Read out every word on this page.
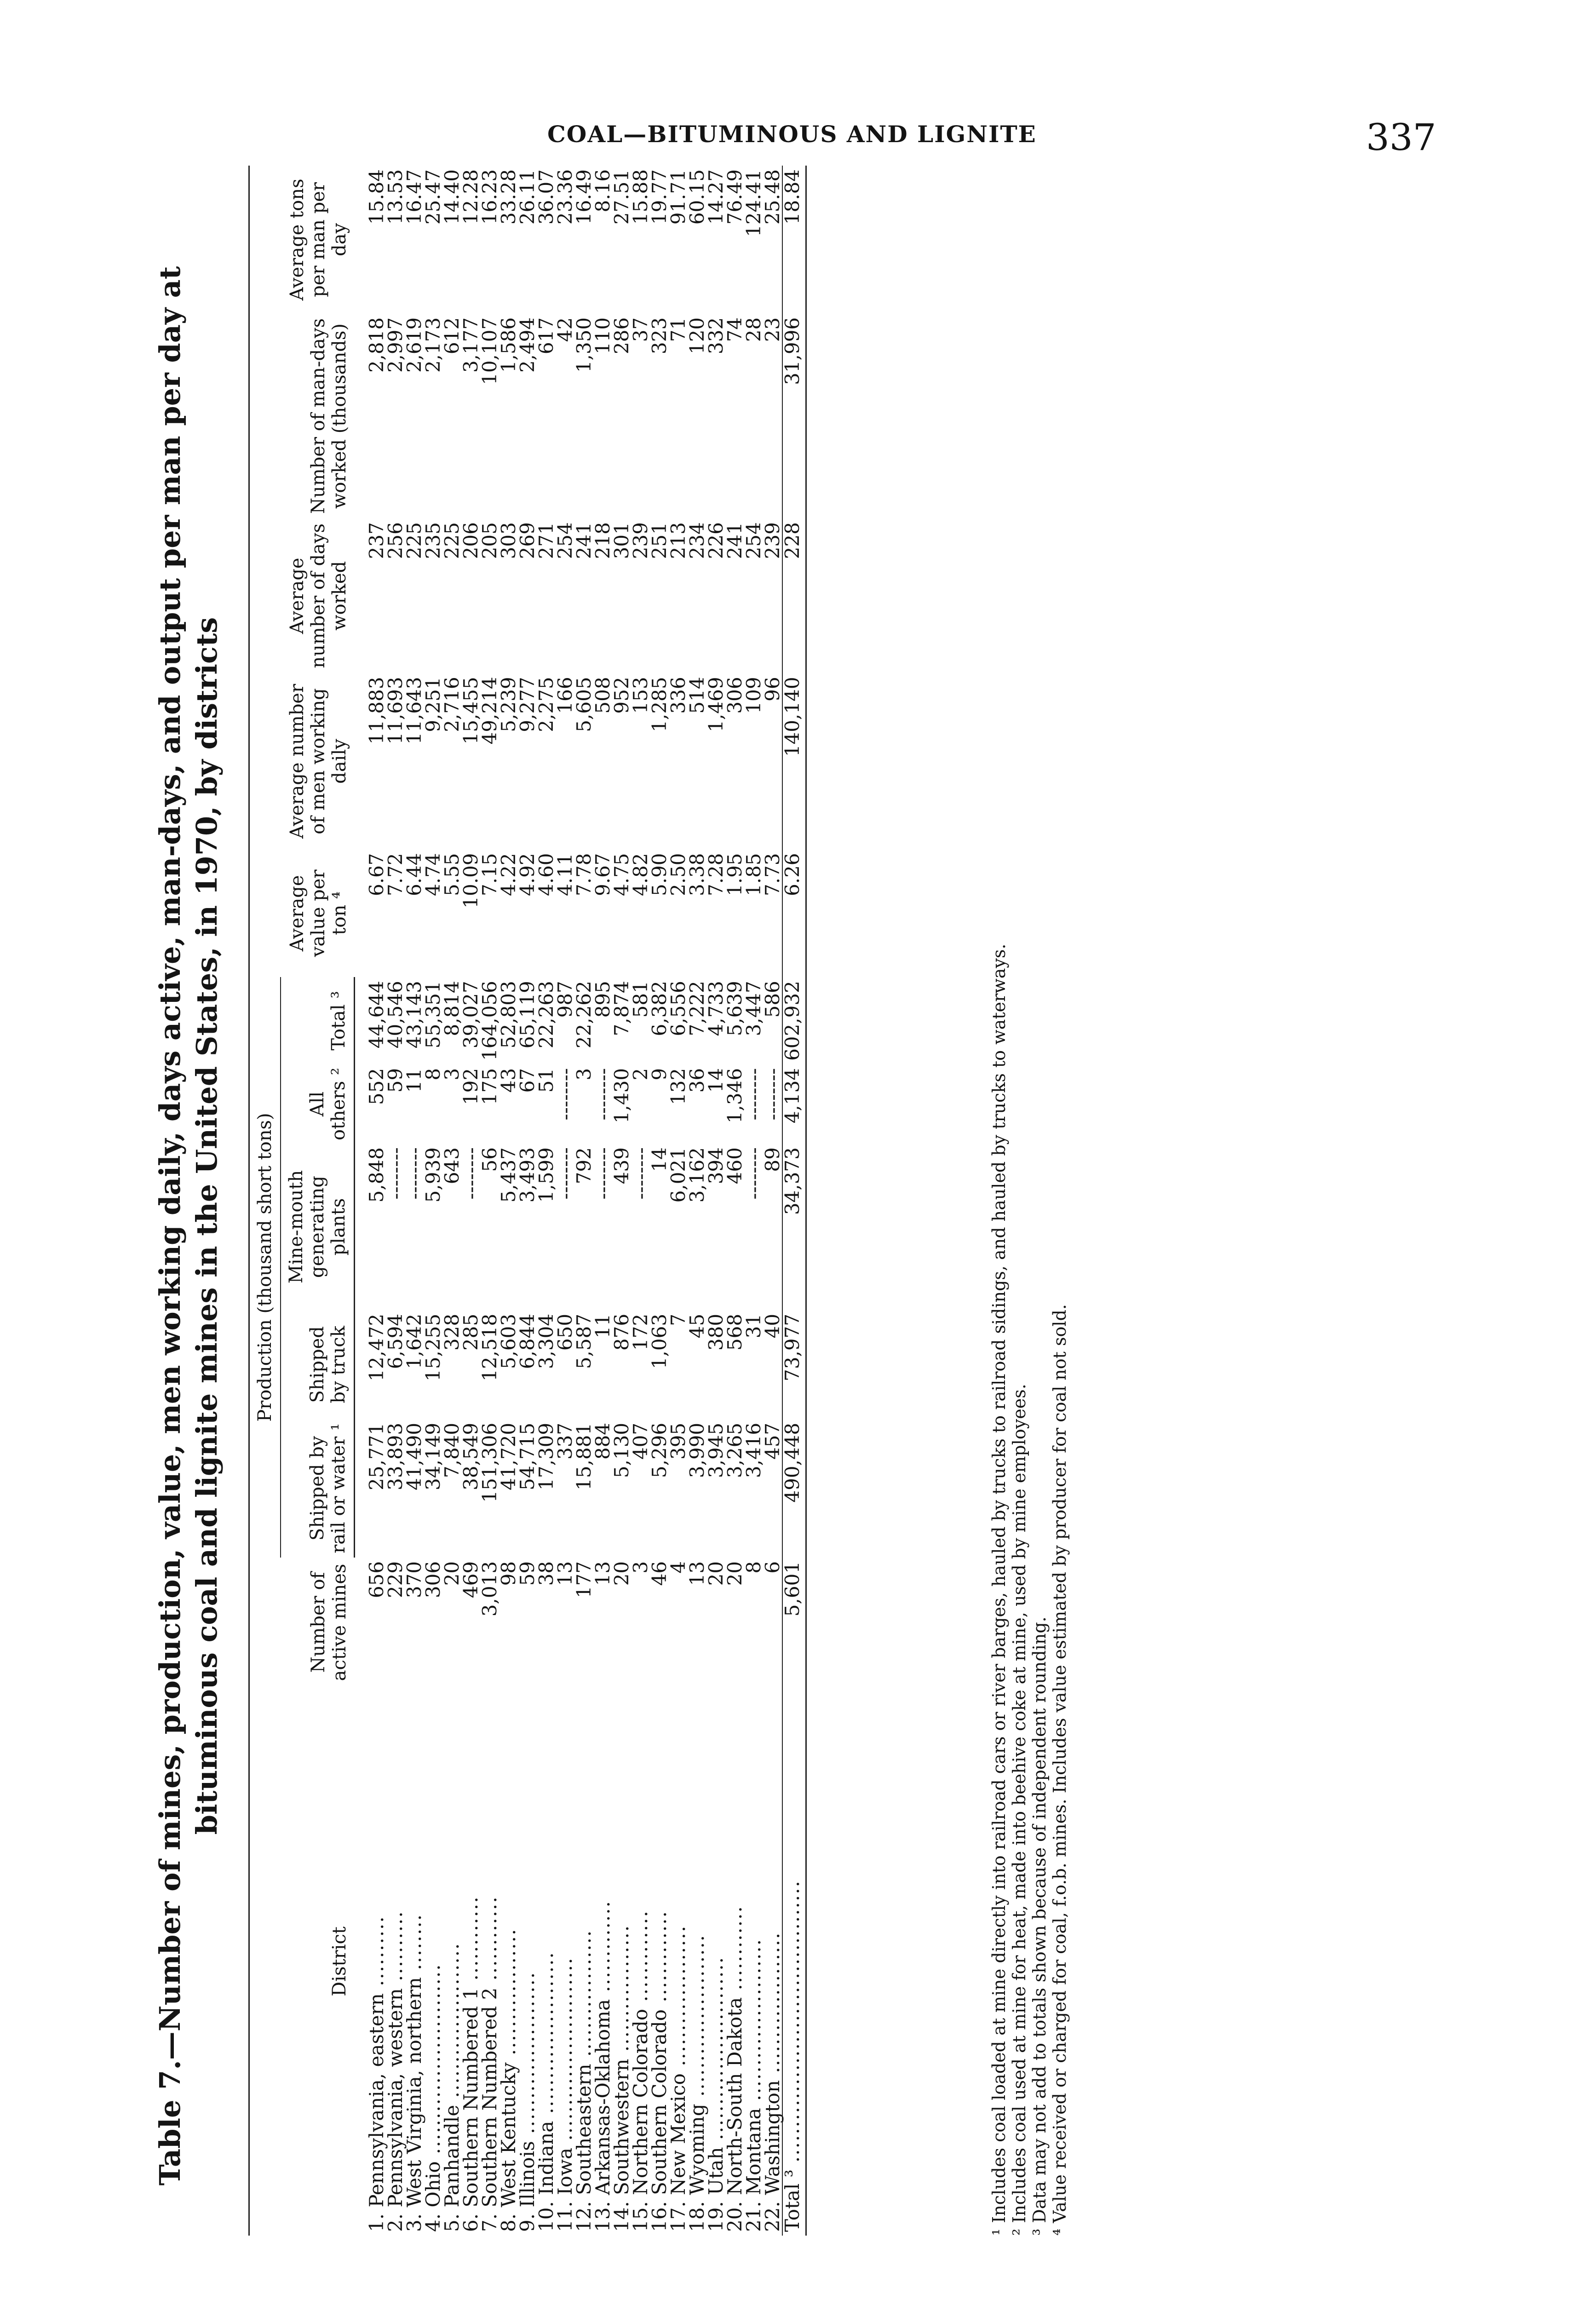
COAL—BITUMINOUS AND LIGNITE	337
Table 7.—Number of mines, production, value, men working daily, days active, man-days, and output per man per day at bituminous coal and lignite mines in the United States, in 1970, by districts
District	Number of active mines	Production (thousand short tons)					Average value per ton ⁴	Average number of men working daily	Average number of days worked	Number of man-days worked (thousands)	Average tons per man per day
		Shipped by rail or water ¹	Shipped by truck	Mine-mouth generating plants	All others ²	Total ³					

1. Pennsylvania, eastern ..........	656	25,771	12,472	5,848	552	44,644	6.67	11,883	237	2,818	15.84
2. Pennsylvania, western ..........	229	33,893	6,594	--------	59	40,546	7.72	11,693	256	2,997	13.53
3. West Virginia, northern ........	370	41,490	1,642	--------	11	43,143	6.44	11,643	225	2,619	16.47
4. Ohio ...........................	306	34,149	15,255	5,939	8	55,351	4.74	9,251	235	2,173	25.47
5. Panhandle ......................	20	7,840	328	643	3	8,814	5.55	2,716	225	612	14.40
6. Southern Numbered 1 ............	469	38,549	285	--------	192	39,027	10.09	15,455	206	3,177	12.28
7. Southern Numbered 2 ............	3,013	151,306	12,518	56	175	164,056	7.15	49,214	205	10,107	16.23
8. West Kentucky ..................	98	41,720	5,603	5,437	43	52,803	4.22	5,239	303	1,586	33.28
9. Illinois .......................	59	54,715	6,844	3,493	67	65,119	4.92	9,277	269	2,494	26.11
10. Indiana .......................	38	17,309	3,304	1,599	51	22,263	4.60	2,275	271	617	36.07
11. Iowa ..........................	13	337	650	--------	--------	987	4.11	166	254	42	23.36
12. Southeastern ..................	177	15,881	5,587	792	3	22,262	7.78	5,605	241	1,350	16.49
13. Arkansas-Oklahoma .............	13	884	11	--------	--------	895	9.67	508	218	110	8.16
14. Southwestern ..................	20	5,130	876	439	1,430	7,874	4.75	952	301	286	27.51
15. Northern Colorado .............	3	407	172	--------	2	581	4.82	153	239	37	15.88
16. Southern Colorado .............	46	5,296	1,063	14	9	6,382	5.90	1,285	251	323	19.77
17. New Mexico ....................	4	395	7	6,021	132	6,556	2.50	336	213	71	91.71
18. Wyoming .......................	13	3,990	45	3,162	36	7,222	3.38	514	234	120	60.15
19. Utah ..........................	20	3,945	380	394	14	4,733	7.28	1,469	226	332	14.27
20. North-South Dakota ............	20	3,265	568	460	1,346	5,639	1.95	306	241	74	76.49
21. Montana .......................	8	3,416	31	--------	--------	3,447	1.85	109	254	28	124.41
22. Washington ....................	6	457	40	89	--------	586	7.73	96	239	23	25.48
Total ³ ........................................	5,601	490,448	73,977	34,373	4,134	602,932	6.26	140,140	228	31,996	18.84

¹ Includes coal loaded at mine directly into railroad cars or river barges, hauled by trucks to railroad sidings, and hauled by trucks to waterways. ² Includes coal used at mine for heat, made into beehive coke at mine, used by mine employees. ³ Data may not add to totals shown because of independent rounding. ⁴ Value received or charged for coal, f.o.b. mines. Includes value estimated by producer for coal not sold.
